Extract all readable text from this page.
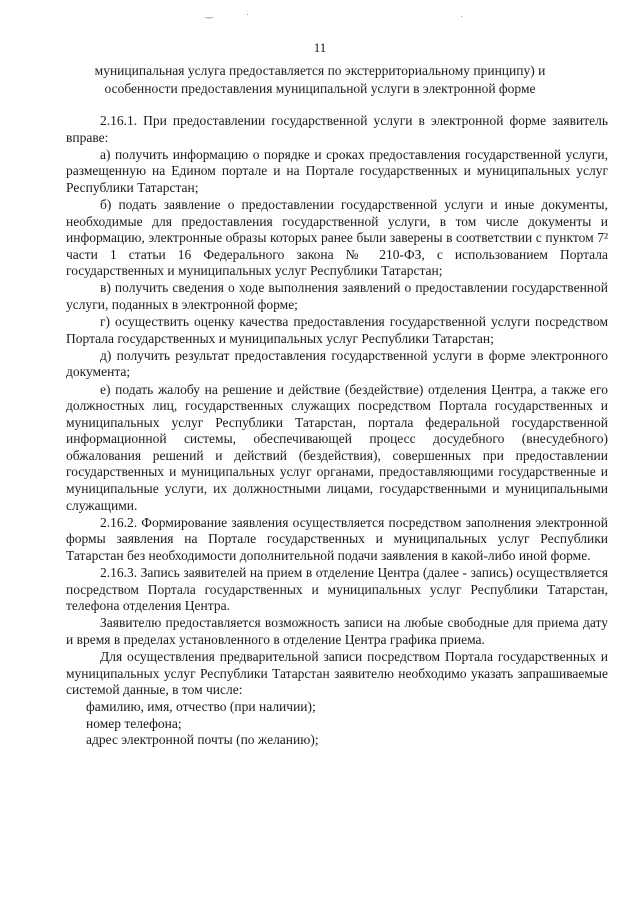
‿	·	·
11
муниципальная услуга предоставляется по экстерриториальному принципу) и особенности предоставления муниципальной услуги в электронной форме

2.16.1. При предоставлении государственной услуги в электронной форме заявитель вправе:

а) получить информацию о порядке и сроках предоставления государственной услуги, размещенную на Едином портале и на Портале государственных и муниципальных услуг Республики Татарстан;

б) подать заявление о предоставлении государственной услуги и иные документы, необходимые для предоставления государственной услуги, в том числе документы и информацию, электронные образы которых ранее были заверены в соответствии с пунктом 7² части 1 статьи 16 Федерального закона № 210-ФЗ, с использованием Портала государственных и муниципальных услуг Республики Татарстан;

в) получить сведения о ходе выполнения заявлений о предоставлении государственной услуги, поданных в электронной форме;

г) осуществить оценку качества предоставления государственной услуги посредством Портала государственных и муниципальных услуг Республики Татарстан;

д) получить результат предоставления государственной услуги в форме электронного документа;

е) подать жалобу на решение и действие (бездействие) отделения Центра, а также его должностных лиц, государственных служащих посредством Портала государственных и муниципальных услуг Республики Татарстан, портала федеральной государственной информационной системы, обеспечивающей процесс досудебного (внесудебного) обжалования решений и действий (бездействия), совершенных при предоставлении государственных и муниципальных услуг органами, предоставляющими государственные и муниципальные услуги, их должностными лицами, государственными и муниципальными служащими.

2.16.2. Формирование заявления осуществляется посредством заполнения электронной формы заявления на Портале государственных и муниципальных услуг Республики Татарстан без необходимости дополнительной подачи заявления в какой-либо иной форме.

2.16.3. Запись заявителей на прием в отделение Центра (далее - запись) осуществляется посредством Портала государственных и муниципальных услуг Республики Татарстан, телефона отделения Центра.

Заявителю предоставляется возможность записи на любые свободные для приема дату и время в пределах установленного в отделение Центра графика приема.

Для осуществления предварительной записи посредством Портала государственных и муниципальных услуг Республики Татарстан заявителю необходимо указать запрашиваемые системой данные, в том числе:

фамилию, имя, отчество (при наличии);
номер телефона;
адрес электронной почты (по желанию);
